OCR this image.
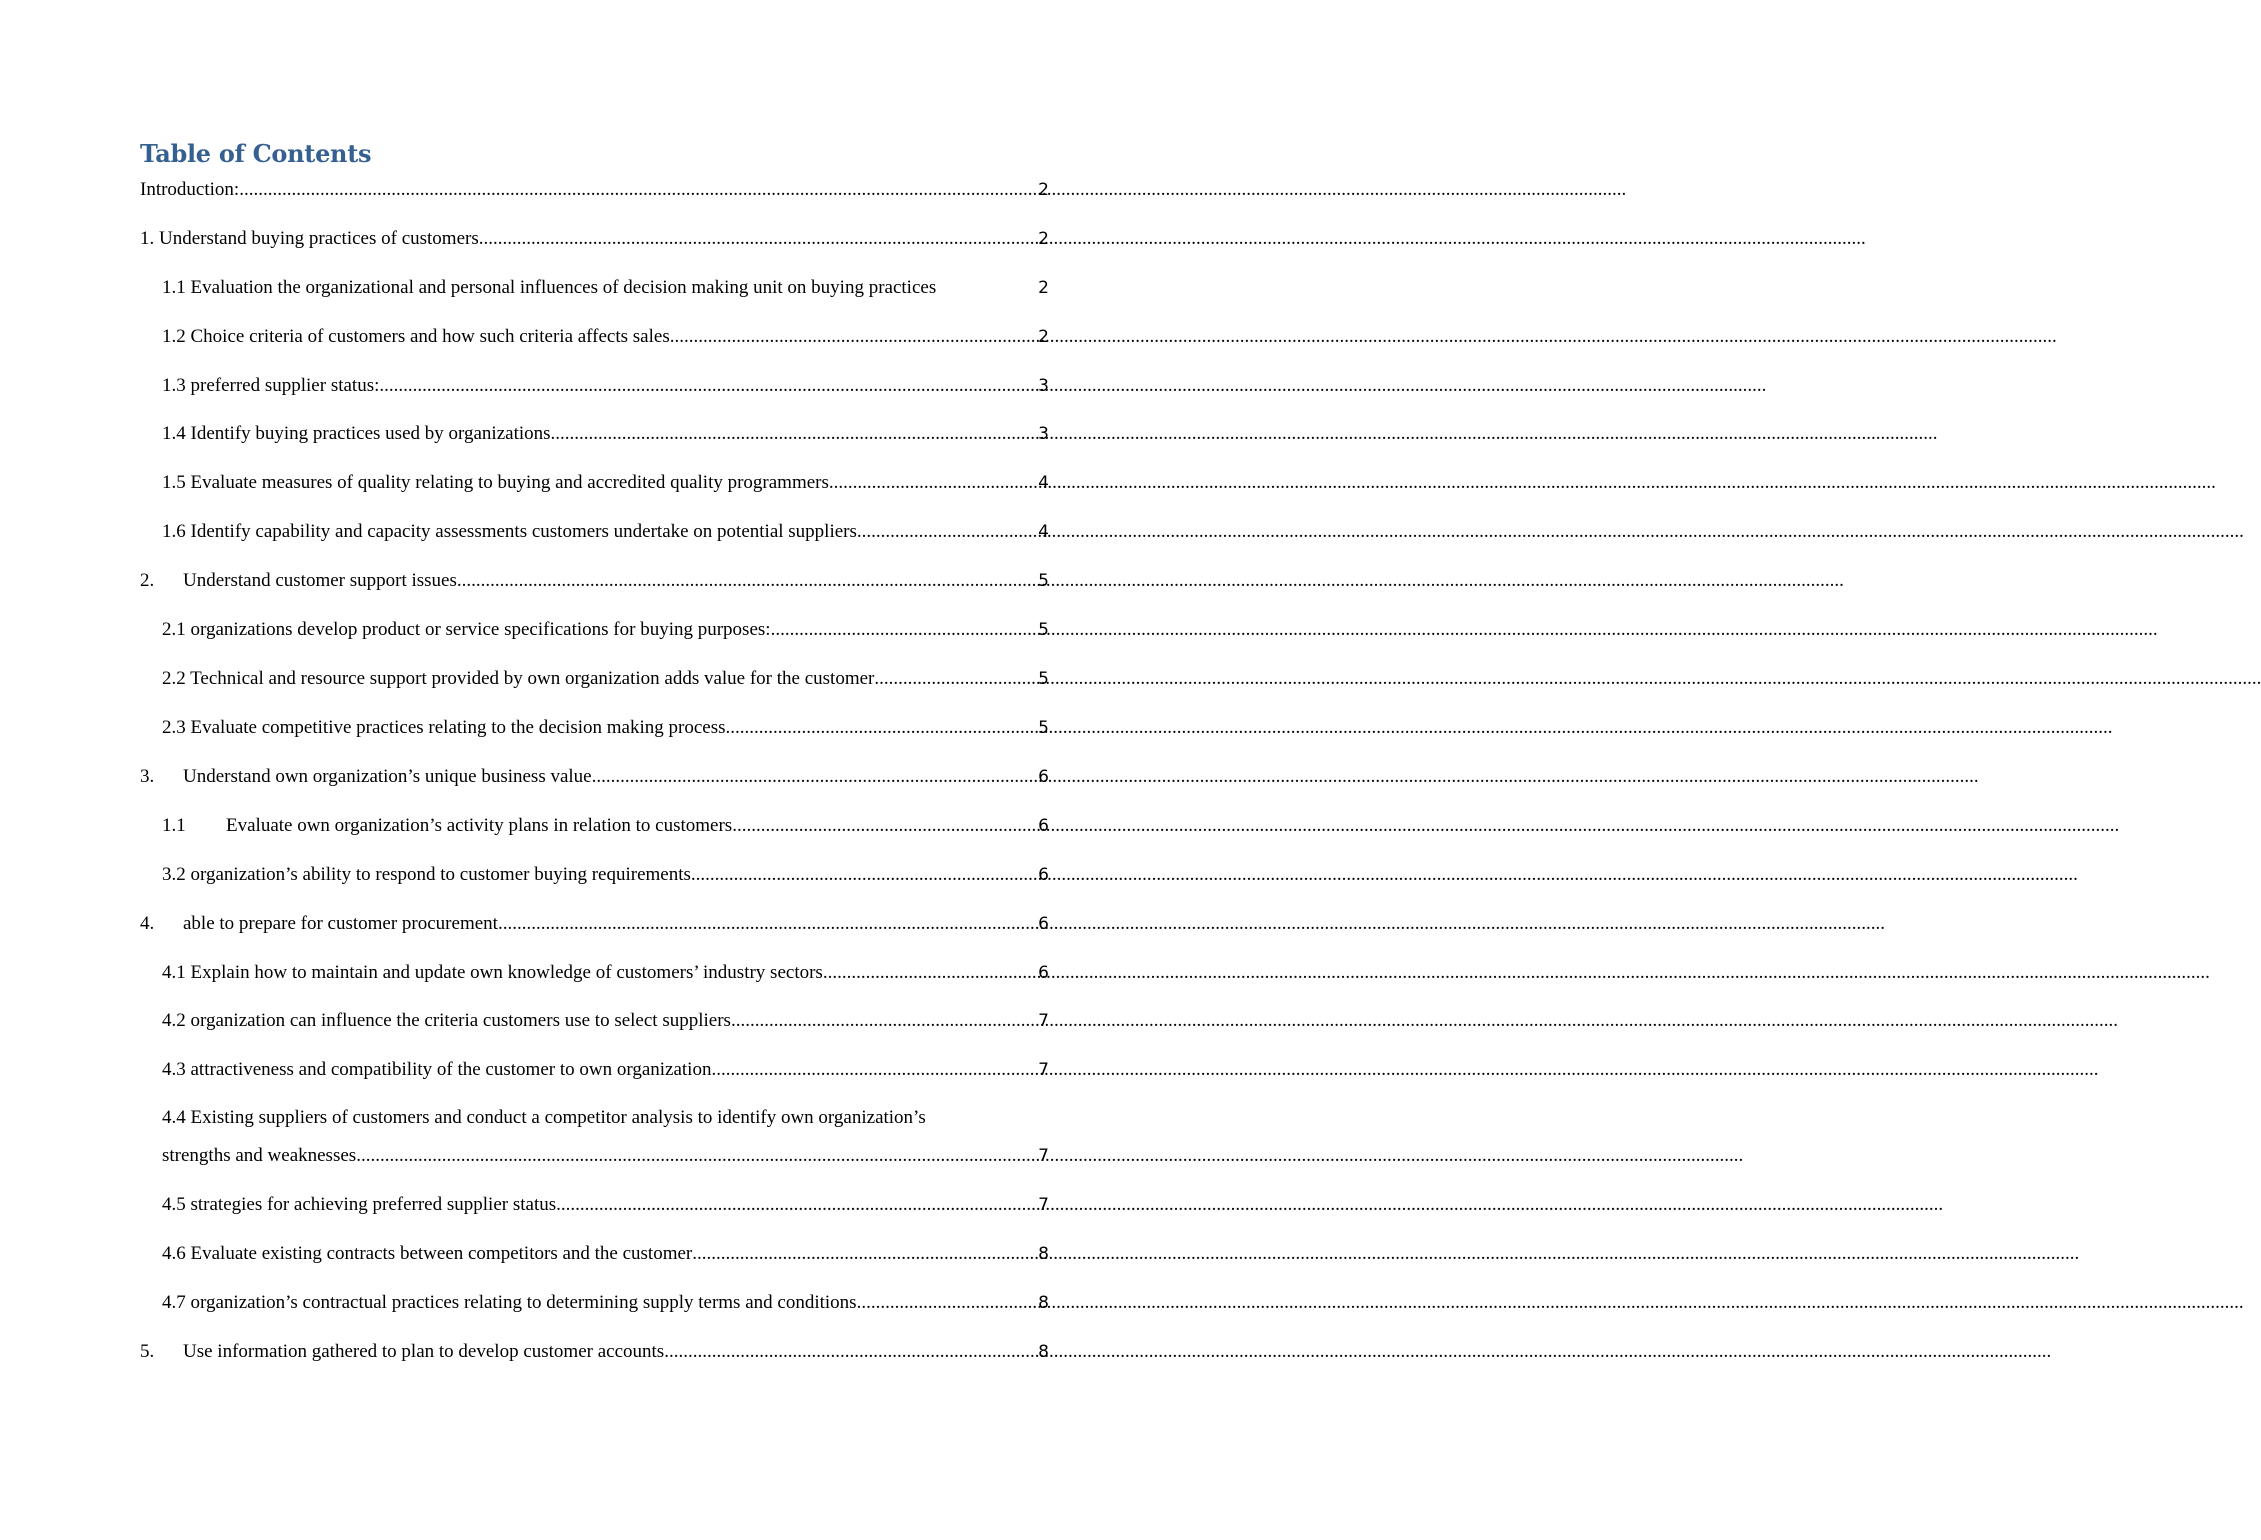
Table of Contents
Introduction: .....	2
1. Understand buying practices of customers .....	2
1.1 Evaluation the organizational and personal influences of decision making unit on buying practices	2
1.2 Choice criteria of customers and how such criteria affects sales .....	2
1.3 preferred supplier status: .....	3
1.4 Identify buying practices used by organizations .....	3
1.5 Evaluate measures of quality relating to buying and accredited quality programmers .....	4
1.6 Identify capability and capacity assessments customers undertake on potential suppliers .....	4
2.	Understand customer support issues .....	5
2.1 organizations develop product or service specifications for buying purposes: .....	5
2.2 Technical and resource support provided by own organization adds value for the customer .....	5
2.3 Evaluate competitive practices relating to the decision making process .....	5
3.	Understand own organization’s unique business value .....	6
1.1	Evaluate own organization’s activity plans in relation to customers .....	6
3.2 organization’s ability to respond to customer buying requirements .....	6
4.	able to prepare for customer procurement .....	6
4.1 Explain how to maintain and update own knowledge of customers’ industry sectors .....	6
4.2 organization can influence the criteria customers use to select suppliers .....	7
4.3 attractiveness and compatibility of the customer to own organization .....	7
4.4 Existing suppliers of customers and conduct a competitor analysis to identify own organization’s
strengths and weaknesses .....	7
4.5 strategies for achieving preferred supplier status .....	7
4.6 Evaluate existing contracts between competitors and the customer .....	8
4.7 organization’s contractual practices relating to determining supply terms and conditions .....	8
5.	Use information gathered to plan to develop customer accounts .....	8
